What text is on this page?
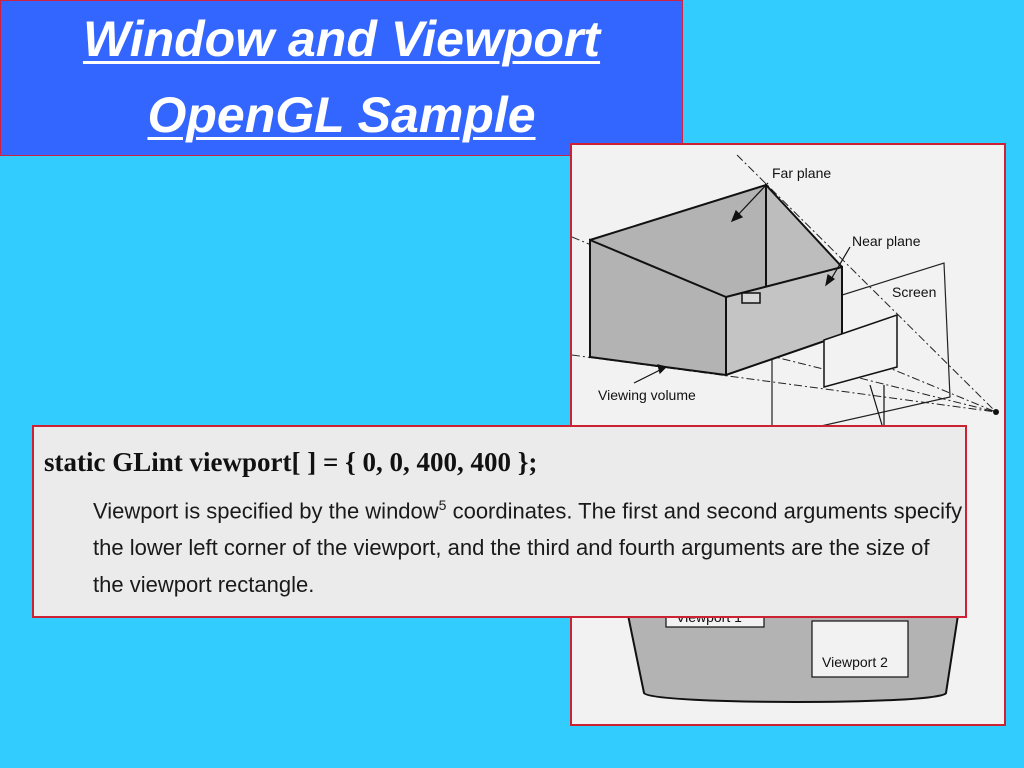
Window and Viewport
OpenGL Sample
Far plane
Near plane
Screen
Viewing volume
Viewport 2
static GLint viewport[ ] = { 0, 0, 400, 400 };
Viewport is specified by the window$^5$ coordinates. The first and second arguments specify the lower left corner of the viewport, and the third and fourth arguments are the size of the viewport rectangle.
